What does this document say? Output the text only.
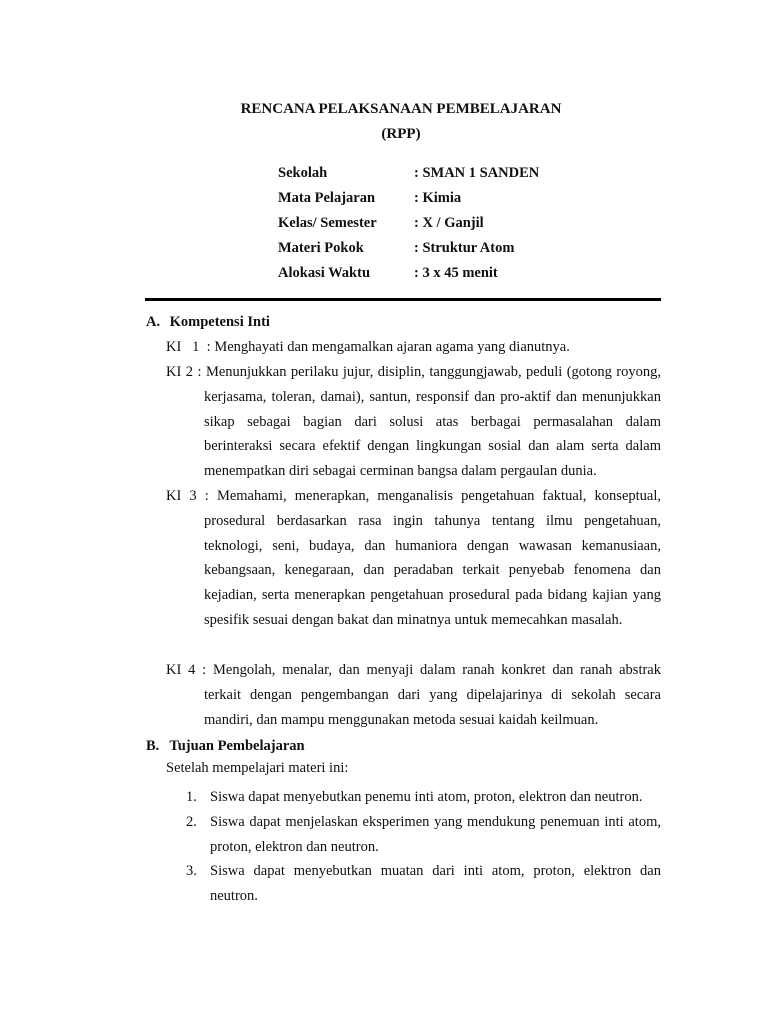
RENCANA PELAKSANAAN PEMBELAJARAN
(RPP)
Sekolah	: SMAN 1 SANDEN
Mata Pelajaran	: Kimia
Kelas/ Semester	: X / Ganjil
Materi Pokok	: Struktur Atom
Alokasi Waktu	: 3 x 45 menit
A. Kompetensi Inti

KI   1  : Menghayati dan mengamalkan ajaran agama yang dianutnya.

KI 2 : Menunjukkan perilaku jujur, disiplin, tanggungjawab, peduli (gotong royong, kerjasama, toleran, damai), santun, responsif dan pro-aktif dan menunjukkan sikap sebagai bagian dari solusi atas berbagai permasalahan dalam berinteraksi secara efektif dengan lingkungan sosial dan alam serta dalam menempatkan diri sebagai cerminan bangsa dalam pergaulan dunia.

KI 3 : Memahami, menerapkan, menganalisis pengetahuan faktual, konseptual, prosedural berdasarkan rasa ingin tahunya tentang ilmu pengetahuan, teknologi, seni, budaya, dan humaniora dengan wawasan kemanusiaan, kebangsaan, kenegaraan, dan peradaban terkait penyebab fenomena dan kejadian, serta menerapkan pengetahuan prosedural pada bidang kajian yang spesifik sesuai dengan bakat dan minatnya untuk memecahkan masalah.

KI 4 : Mengolah, menalar, dan menyaji dalam ranah konkret dan ranah abstrak terkait dengan pengembangan dari yang dipelajarinya di sekolah secara mandiri, dan mampu menggunakan metoda sesuai kaidah keilmuan.

B. Tujuan Pembelajaran
Setelah mempelajari materi ini:
1. Siswa dapat menyebutkan penemu inti atom, proton, elektron dan neutron.
2. Siswa dapat menjelaskan eksperimen yang mendukung penemuan inti atom, proton, elektron dan neutron.
3. Siswa dapat menyebutkan muatan dari inti atom, proton, elektron dan neutron.
